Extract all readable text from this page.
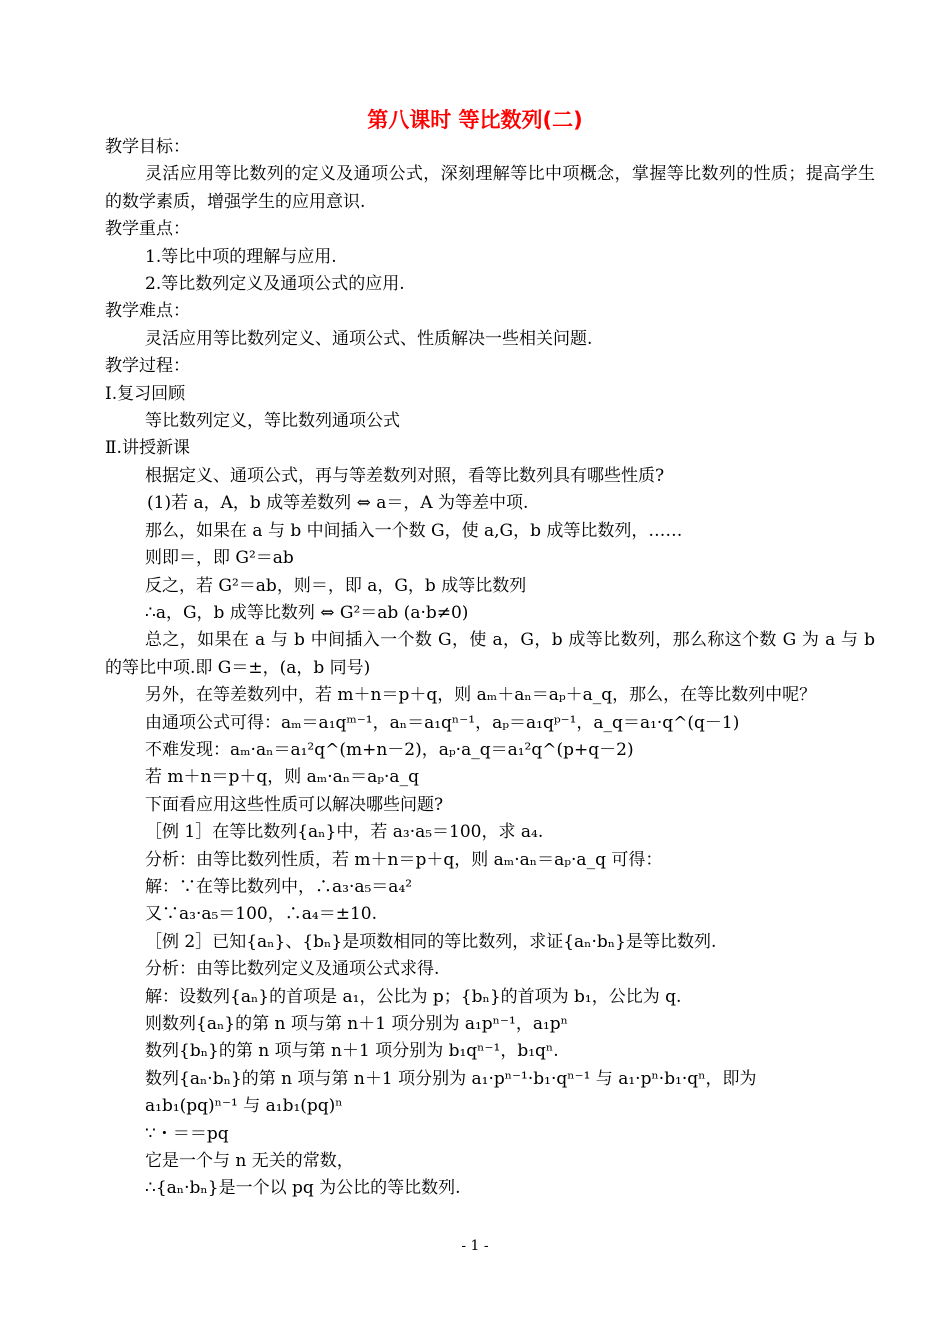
第八课时 等比数列(二)

教学目标：

灵活应用等比数列的定义及通项公式，深刻理解等比中项概念，掌握等比数列的性质；提高学生的数学素质，增强学生的应用意识.

教学重点：

1.等比中项的理解与应用.

2.等比数列定义及通项公式的应用.

教学难点：

灵活应用等比数列定义、通项公式、性质解决一些相关问题.

教学过程：

Ⅰ.复习回顾

等比数列定义，等比数列通项公式

Ⅱ.讲授新课

根据定义、通项公式，再与等差数列对照，看等比数列具有哪些性质?

(1)若 a，A，b 成等差数列 ⇔ a＝，A 为等差中项.

那么，如果在 a 与 b 中间插入一个数 G，使 a,G，b 成等比数列，……

则即＝，即 G²＝ab

反之，若 G²＝ab，则＝，即 a，G，b 成等比数列

∴a，G，b 成等比数列 ⇔ G²＝ab (a·b≠0)

总之，如果在 a 与 b 中间插入一个数 G，使 a，G，b 成等比数列，那么称这个数 G 为 a 与 b 的等比中项.即 G＝±，(a，b 同号)

另外，在等差数列中，若 m＋n＝p＋q，则 aₘ＋aₙ＝aₚ＋a_q，那么，在等比数列中呢？

由通项公式可得：aₘ＝a₁qᵐ⁻¹，aₙ＝a₁qⁿ⁻¹，aₚ＝a₁qᵖ⁻¹，a_q＝a₁·q^(q－1)

不难发现：aₘ·aₙ＝a₁²q^(m+n－2)，aₚ·a_q＝a₁²q^(p+q－2)

若 m＋n＝p＋q，则 aₘ·aₙ＝aₚ·a_q

下面看应用这些性质可以解决哪些问题?

［例 1］在等比数列{aₙ}中，若 a₃·a₅＝100，求 a₄.

分析：由等比数列性质，若 m＋n＝p＋q，则 aₘ·aₙ＝aₚ·a_q 可得：

解：∵在等比数列中，∴a₃·a₅＝a₄²

又∵a₃·a₅＝100，∴a₄＝±10.

［例 2］已知{aₙ}、{bₙ}是项数相同的等比数列，求证{aₙ·bₙ}是等比数列.

分析：由等比数列定义及通项公式求得.

解：设数列{aₙ}的首项是 a₁，公比为 p；{bₙ}的首项为 b₁，公比为 q.

则数列{aₙ}的第 n 项与第 n＋1 项分别为 a₁pⁿ⁻¹，a₁pⁿ

数列{bₙ}的第 n 项与第 n＋1 项分别为 b₁qⁿ⁻¹，b₁qⁿ.

数列{aₙ·bₙ}的第 n 项与第 n＋1 项分别为 a₁·pⁿ⁻¹·b₁·qⁿ⁻¹ 与 a₁·pⁿ·b₁·qⁿ，即为

a₁b₁(pq)ⁿ⁻¹ 与 a₁b₁(pq)ⁿ

∵・＝＝pq

它是一个与 n 无关的常数，

∴{aₙ·bₙ}是一个以 pq 为公比的等比数列.

- 1 -
